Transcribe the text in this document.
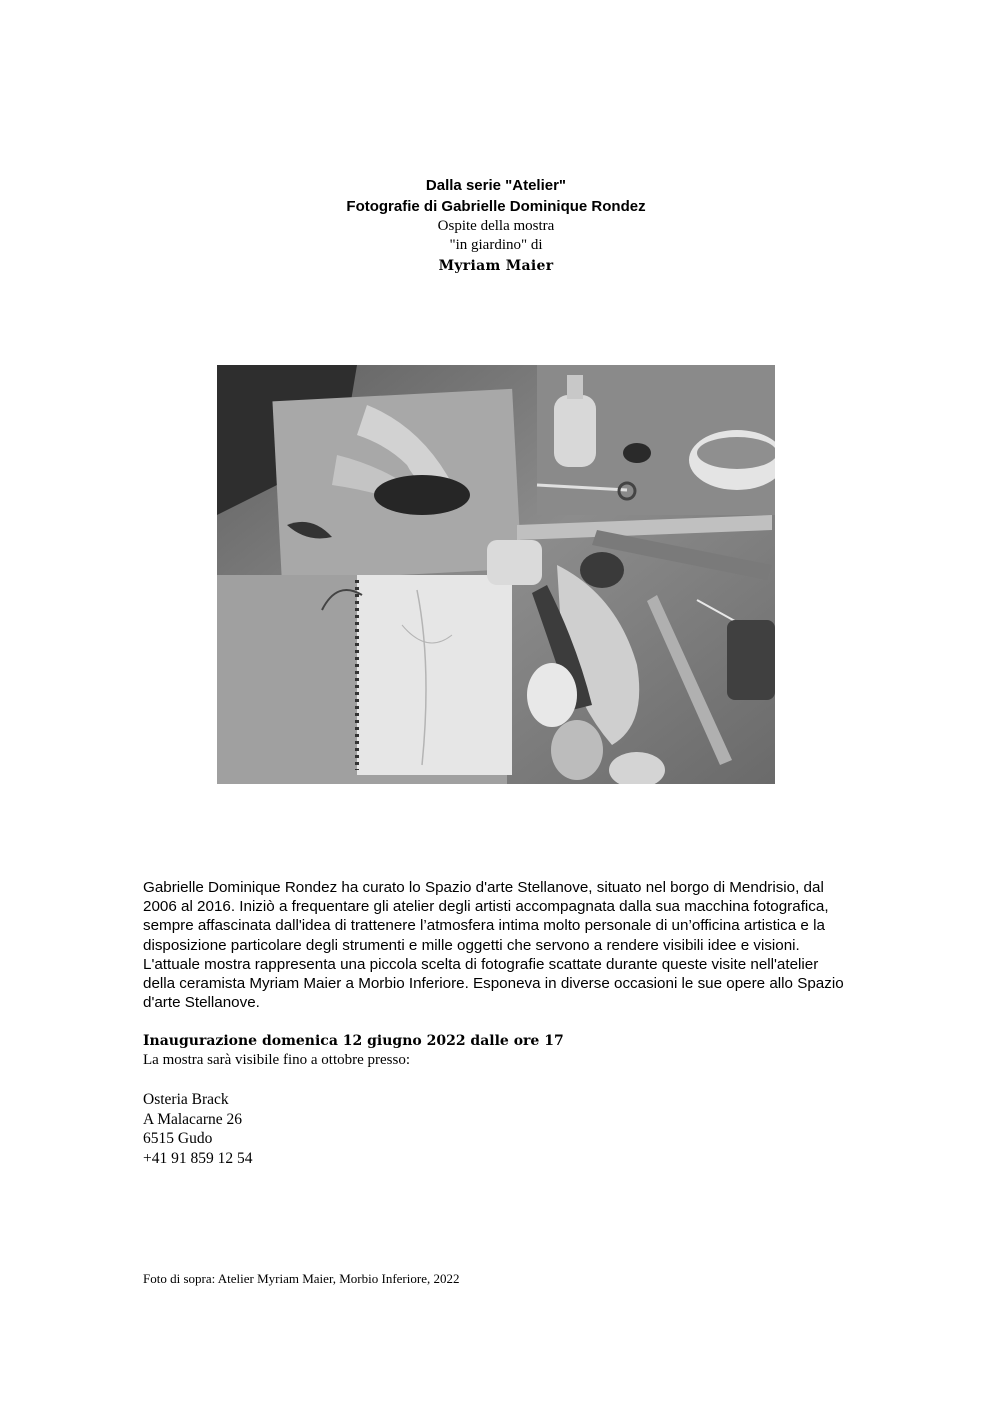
Dalla serie "Atelier"
Fotografie di Gabrielle Dominique Rondez
Ospite della mostra
"in giardino" di
Myriam Maier
Gabrielle Dominique Rondez ha curato lo Spazio d'arte Stellanove, situato nel borgo di Mendrisio, dal 2006 al 2016. Iniziò a frequentare gli atelier degli artisti accompagnata dalla sua macchina fotografica, sempre affascinata dall'idea di trattenere l’atmosfera intima molto personale di un’officina artistica e la disposizione particolare degli strumenti e mille oggetti che servono a rendere visibili idee e visioni. L'attuale mostra rappresenta una piccola scelta di fotografie scattate durante queste visite nell'atelier della ceramista Myriam Maier a Morbio Inferiore. Esponeva in diverse occasioni le sue opere allo Spazio d'arte Stellanove.
Inaugurazione domenica 12 giugno 2022 dalle ore 17
La mostra sarà visibile fino a ottobre presso:
Osteria Brack
A Malacarne 26
6515 Gudo
+41 91 859 12 54
Foto di sopra: Atelier Myriam Maier, Morbio Inferiore, 2022
